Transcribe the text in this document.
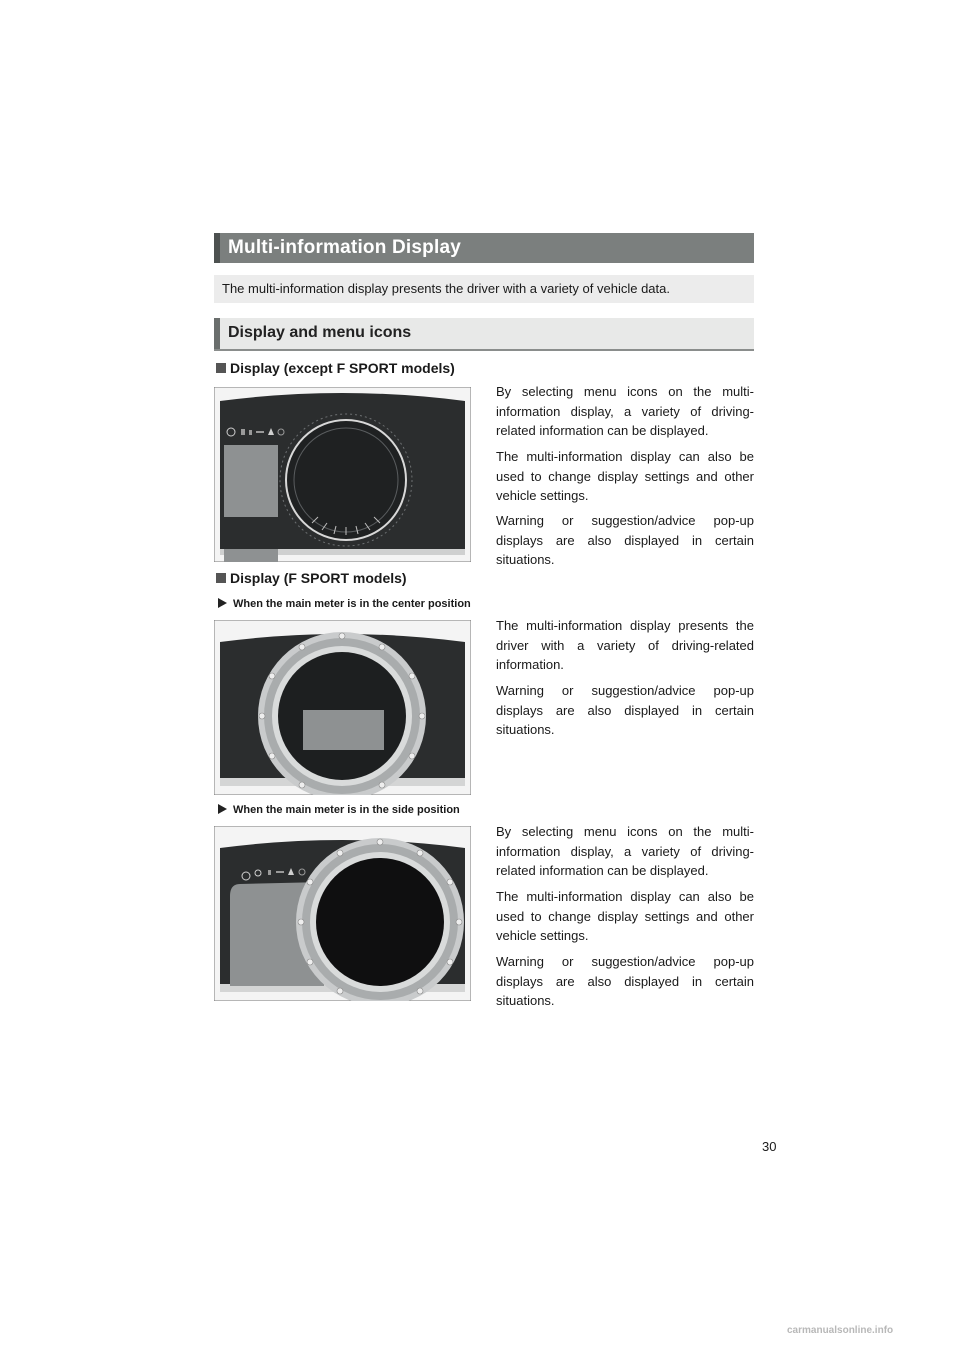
Multi-information Display
The multi-information display presents the driver with a variety of vehicle data.
Display and menu icons
Display (except F SPORT models)

By selecting menu icons on the multi-information display, a variety of driving-related information can be displayed.

The multi-information display can also be used to change display settings and other vehicle settings.

Warning or suggestion/advice pop-up displays are also displayed in certain situations.

Display (F SPORT models)
When the main meter is in the center position

The multi-information display presents the driver with a variety of driving-related information.

Warning or suggestion/advice pop-up displays are also displayed in certain situations.

When the main meter is in the side position

By selecting menu icons on the multi-information display, a variety of driving-related information can be displayed.

The multi-information display can also be used to change display settings and other vehicle settings.

Warning or suggestion/advice pop-up displays are also displayed in certain situations.

30
carmanualsonline.info
